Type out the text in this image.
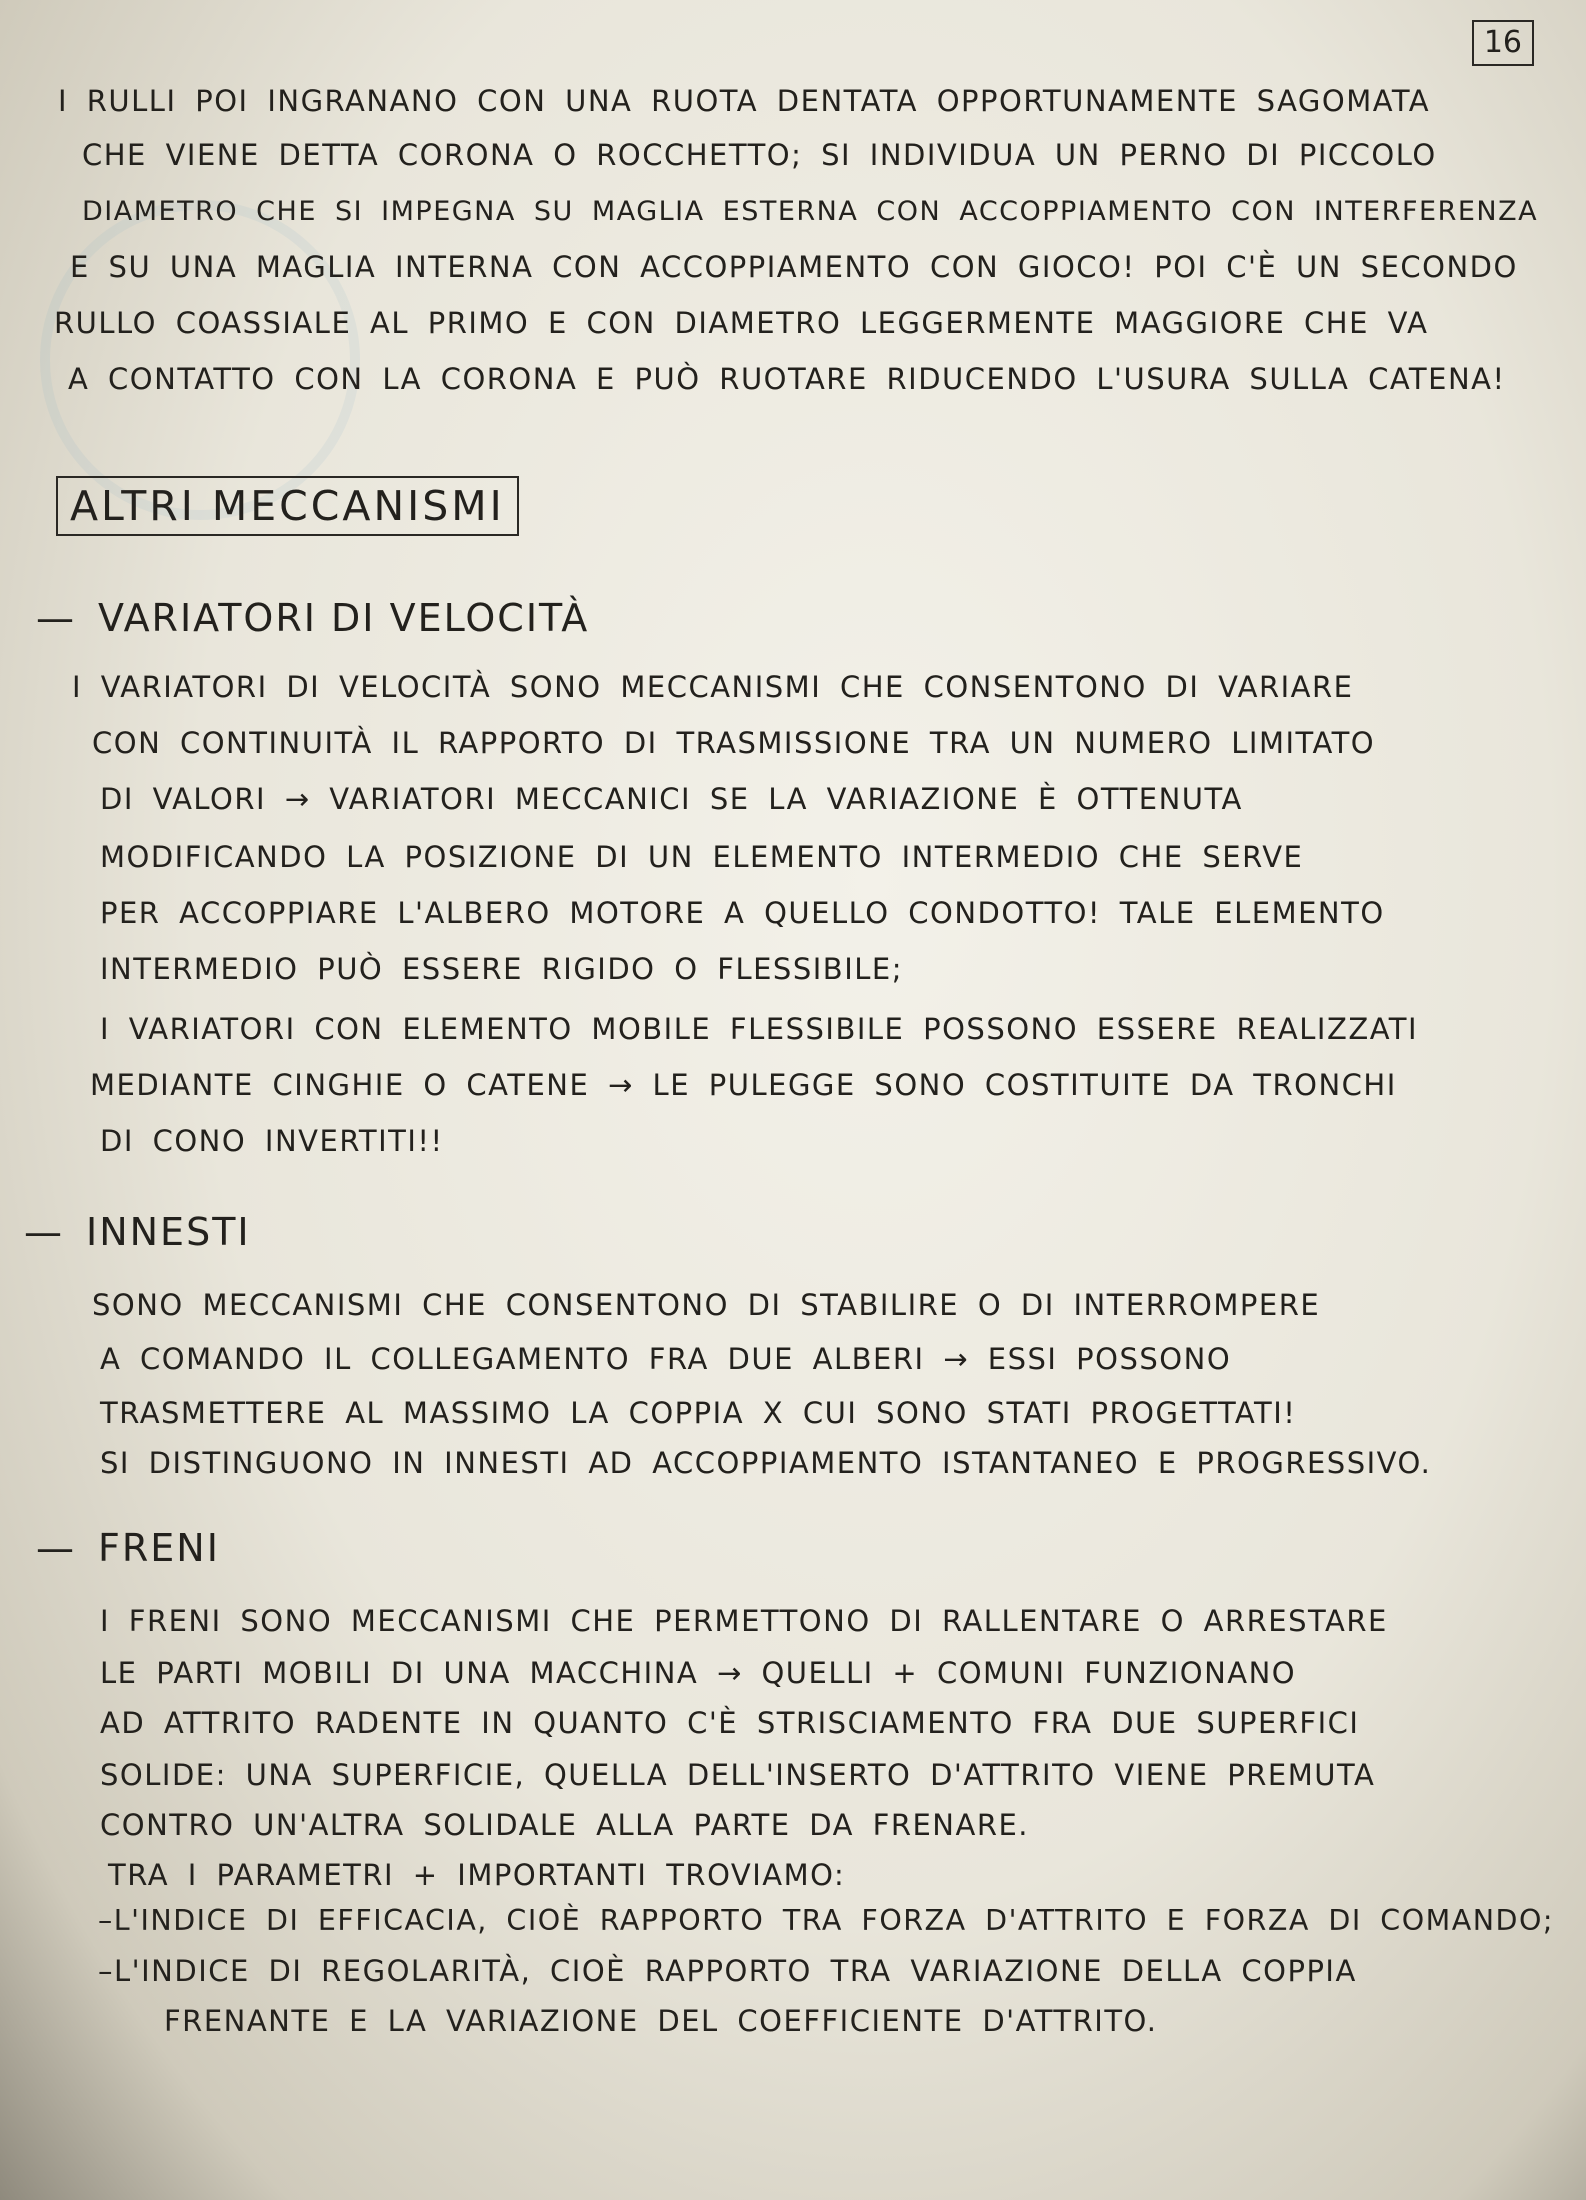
16
I RULLI POI INGRANANO CON UNA RUOTA DENTATA OPPORTUNAMENTE SAGOMATA
CHE VIENE DETTA CORONA O ROCCHETTO; SI INDIVIDUA UN PERNO DI PICCOLO
DIAMETRO CHE SI IMPEGNA SU MAGLIA ESTERNA CON ACCOPPIAMENTO CON INTERFERENZA
E SU UNA MAGLIA INTERNA CON ACCOPPIAMENTO CON GIOCO! POI C'È UN SECONDO
RULLO COASSIALE AL PRIMO E CON DIAMETRO LEGGERMENTE MAGGIORE CHE VA
A CONTATTO CON LA CORONA E PUÒ RUOTARE RIDUCENDO L'USURA SULLA CATENA!
ALTRI MECCANISMI
— VARIATORI DI VELOCITÀ
I VARIATORI DI VELOCITÀ SONO MECCANISMI CHE CONSENTONO DI VARIARE
CON CONTINUITÀ IL RAPPORTO DI TRASMISSIONE TRA UN NUMERO LIMITATO
DI VALORI → VARIATORI MECCANICI SE LA VARIAZIONE È OTTENUTA
MODIFICANDO LA POSIZIONE DI UN ELEMENTO INTERMEDIO CHE SERVE
PER ACCOPPIARE L'ALBERO MOTORE A QUELLO CONDOTTO! TALE ELEMENTO
INTERMEDIO PUÒ ESSERE RIGIDO O FLESSIBILE;
I VARIATORI CON ELEMENTO MOBILE FLESSIBILE POSSONO ESSERE REALIZZATI
MEDIANTE CINGHIE O CATENE → LE PULEGGE SONO COSTITUITE DA TRONCHI
DI CONO INVERTITI!!
— INNESTI
SONO MECCANISMI CHE CONSENTONO DI STABILIRE O DI INTERROMPERE
A COMANDO IL COLLEGAMENTO FRA DUE ALBERI → ESSI POSSONO
TRASMETTERE AL MASSIMO LA COPPIA X CUI SONO STATI PROGETTATI!
SI DISTINGUONO IN INNESTI AD ACCOPPIAMENTO ISTANTANEO E PROGRESSIVO.
— FRENI
I FRENI SONO MECCANISMI CHE PERMETTONO DI RALLENTARE O ARRESTARE
LE PARTI MOBILI DI UNA MACCHINA → QUELLI + COMUNI FUNZIONANO
AD ATTRITO RADENTE IN QUANTO C'È STRISCIAMENTO FRA DUE SUPERFICI
SOLIDE: UNA SUPERFICIE, QUELLA DELL'INSERTO D'ATTRITO VIENE PREMUTA
CONTRO UN'ALTRA SOLIDALE ALLA PARTE DA FRENARE.
TRA I PARAMETRI + IMPORTANTI TROVIAMO:
–L'INDICE DI EFFICACIA, CIOÈ RAPPORTO TRA FORZA D'ATTRITO E FORZA DI COMANDO;
–L'INDICE DI REGOLARITÀ, CIOÈ RAPPORTO TRA VARIAZIONE DELLA COPPIA
FRENANTE E LA VARIAZIONE DEL COEFFICIENTE D'ATTRITO.
